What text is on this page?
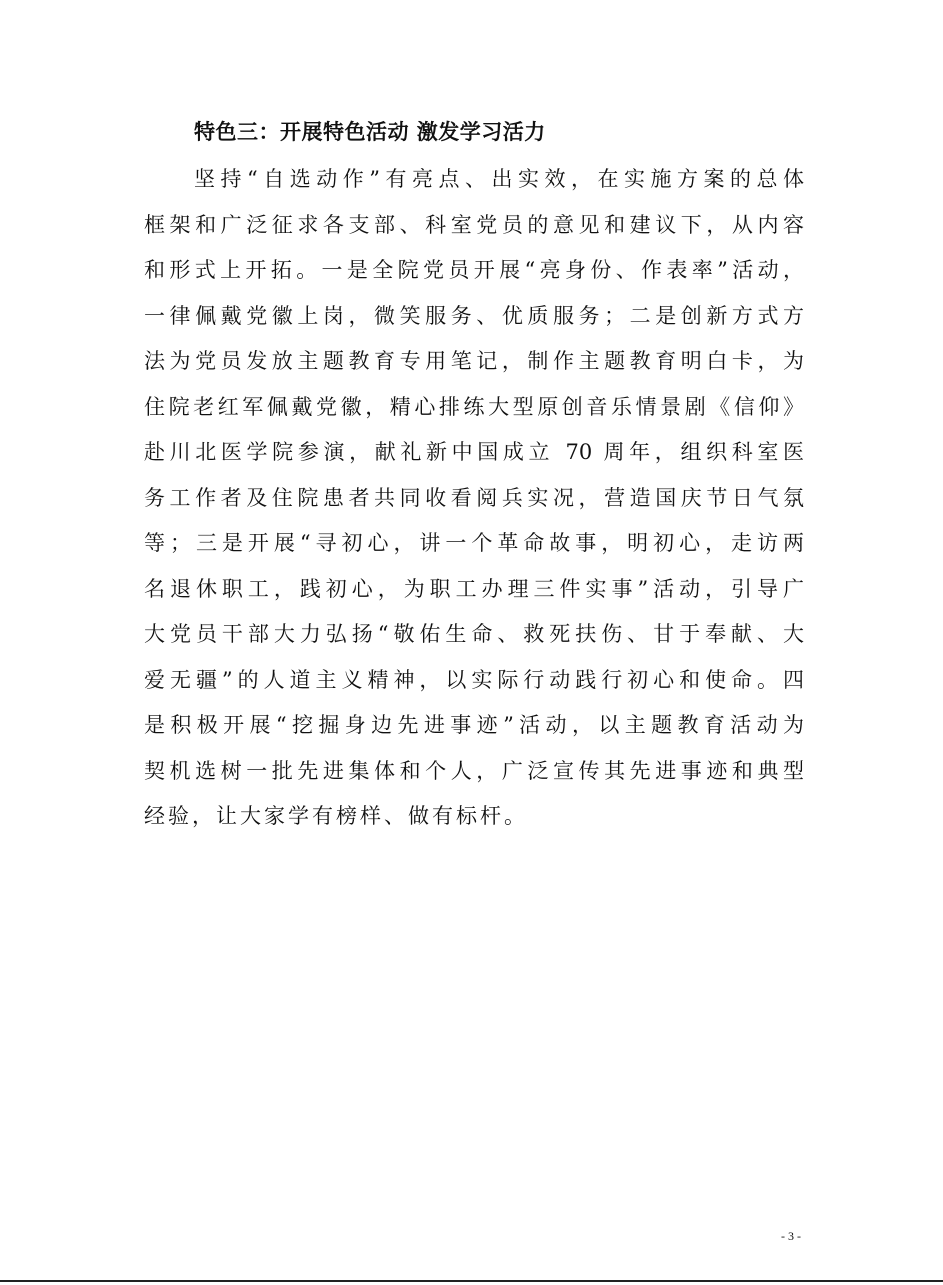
特色三：开展特色活动 激发学习活力
坚持“自选动作”有亮点、出实效，在实施方案的总体
框架和广泛征求各支部、科室党员的意见和建议下，从内容
和形式上开拓。一是全院党员开展“亮身份、作表率”活动，
一律佩戴党徽上岗，微笑服务、优质服务；二是创新方式方
法为党员发放主题教育专用笔记，制作主题教育明白卡，为
住院老红军佩戴党徽，精心排练大型原创音乐情景剧《信仰》
赴川北医学院参演，献礼新中国成立 70 周年，组织科室医
务工作者及住院患者共同收看阅兵实况，营造国庆节日气氛
等；三是开展“寻初心，讲一个革命故事，明初心，走访两
名退休职工，践初心，为职工办理三件实事”活动，引导广
大党员干部大力弘扬“敬佑生命、救死扶伤、甘于奉献、大
爱无疆”的人道主义精神，以实际行动践行初心和使命。四
是积极开展“挖掘身边先进事迹”活动，以主题教育活动为
契机选树一批先进集体和个人，广泛宣传其先进事迹和典型
经验，让大家学有榜样、做有标杆。
- 3 -
